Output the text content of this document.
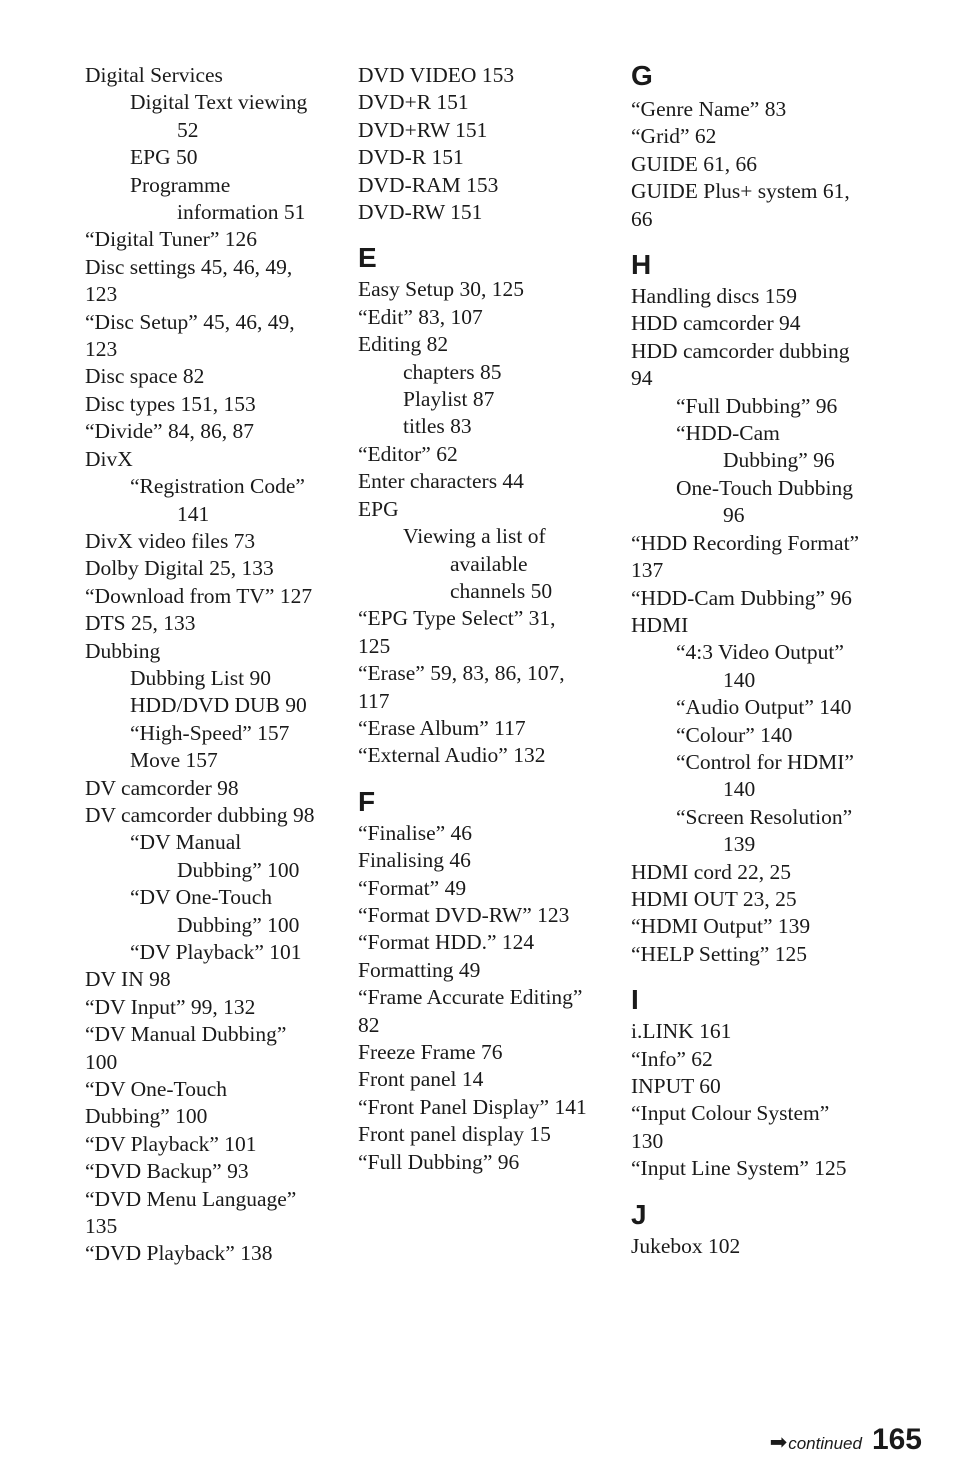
Digital Services
Digital Text viewing
52
EPG 50
Programme
information 51
“Digital Tuner” 126
Disc settings 45, 46, 49,
123
“Disc Setup” 45, 46, 49,
123
Disc space 82
Disc types 151, 153
“Divide” 84, 86, 87
DivX
“Registration Code”
141
DivX video files 73
Dolby Digital 25, 133
“Download from TV” 127
DTS 25, 133
Dubbing
Dubbing List 90
HDD/DVD DUB 90
“High-Speed” 157
Move 157
DV camcorder 98
DV camcorder dubbing 98
“DV Manual
Dubbing” 100
“DV One-Touch
Dubbing” 100
“DV Playback” 101
DV IN 98
“DV Input” 99, 132
“DV Manual Dubbing”
100
“DV One-Touch
Dubbing” 100
“DV Playback” 101
“DVD Backup” 93
“DVD Menu Language”
135
“DVD Playback” 138
DVD VIDEO 153
DVD+R 151
DVD+RW 151
DVD-R 151
DVD-RAM 153
DVD-RW 151
E
Easy Setup 30, 125
“Edit” 83, 107
Editing 82
chapters 85
Playlist 87
titles 83
“Editor” 62
Enter characters 44
EPG
Viewing a list of
available
channels 50
“EPG Type Select” 31,
125
“Erase” 59, 83, 86, 107,
117
“Erase Album” 117
“External Audio” 132
F
“Finalise” 46
Finalising 46
“Format” 49
“Format DVD-RW” 123
“Format HDD.” 124
Formatting 49
“Frame Accurate Editing”
82
Freeze Frame 76
Front panel 14
“Front Panel Display” 141
Front panel display 15
“Full Dubbing” 96
G
“Genre Name” 83
“Grid” 62
GUIDE 61, 66
GUIDE Plus+ system 61,
66
H
Handling discs 159
HDD camcorder 94
HDD camcorder dubbing
94
“Full Dubbing” 96
“HDD-Cam
Dubbing” 96
One-Touch Dubbing
96
“HDD Recording Format”
137
“HDD-Cam Dubbing” 96
HDMI
“4:3 Video Output”
140
“Audio Output” 140
“Colour” 140
“Control for HDMI”
140
“Screen Resolution”
139
HDMI cord 22, 25
HDMI OUT 23, 25
“HDMI Output” 139
“HELP Setting” 125
I
i.LINK 161
“Info” 62
INPUT 60
“Input Colour System”
130
“Input Line System” 125
J
Jukebox 102
➡ continued 165
